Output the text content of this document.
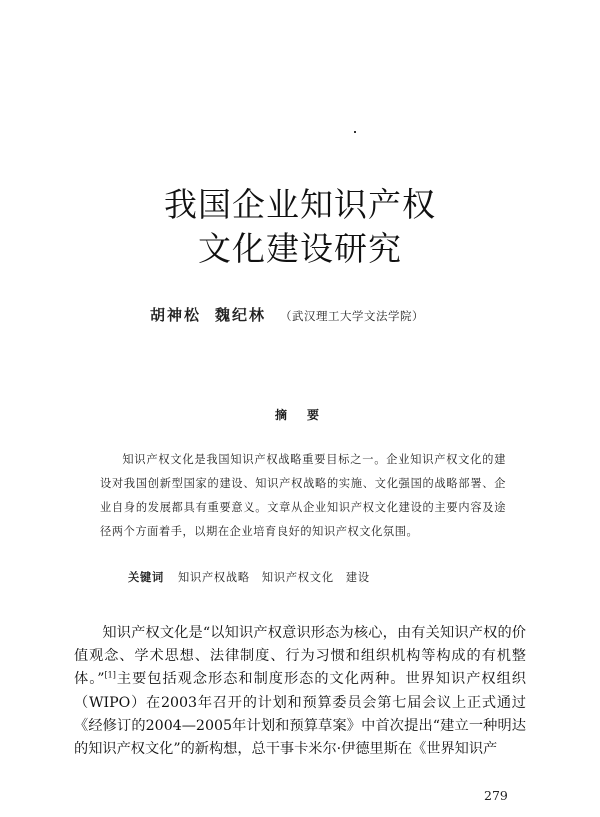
我国企业知识产权
文化建设研究
胡神松 魏纪林 （武汉理工大学文法学院）
摘要
知识产权文化是我国知识产权战略重要目标之一。企业知识产权文化的建设对我国创新型国家的建设、知识产权战略的实施、文化强国的战略部署、企业自身的发展都具有重要意义。文章从企业知识产权文化建设的主要内容及途径两个方面着手，以期在企业培育良好的知识产权文化氛围。
关键词 知识产权战略 知识产权文化 建设
知识产权文化是“以知识产权意识形态为核心，由有关知识产权的价值观念、学术思想、法律制度、行为习惯和组织机构等构成的有机整体。”[1]主要包括观念形态和制度形态的文化两种。世界知识产权组织（WIPO）在2003年召开的计划和预算委员会第七届会议上正式通过《经修订的2004—2005年计划和预算草案》中首次提出“建立一种明达的知识产权文化”的新构想，总干事卡米尔·伊德里斯在《世界知识产
279
